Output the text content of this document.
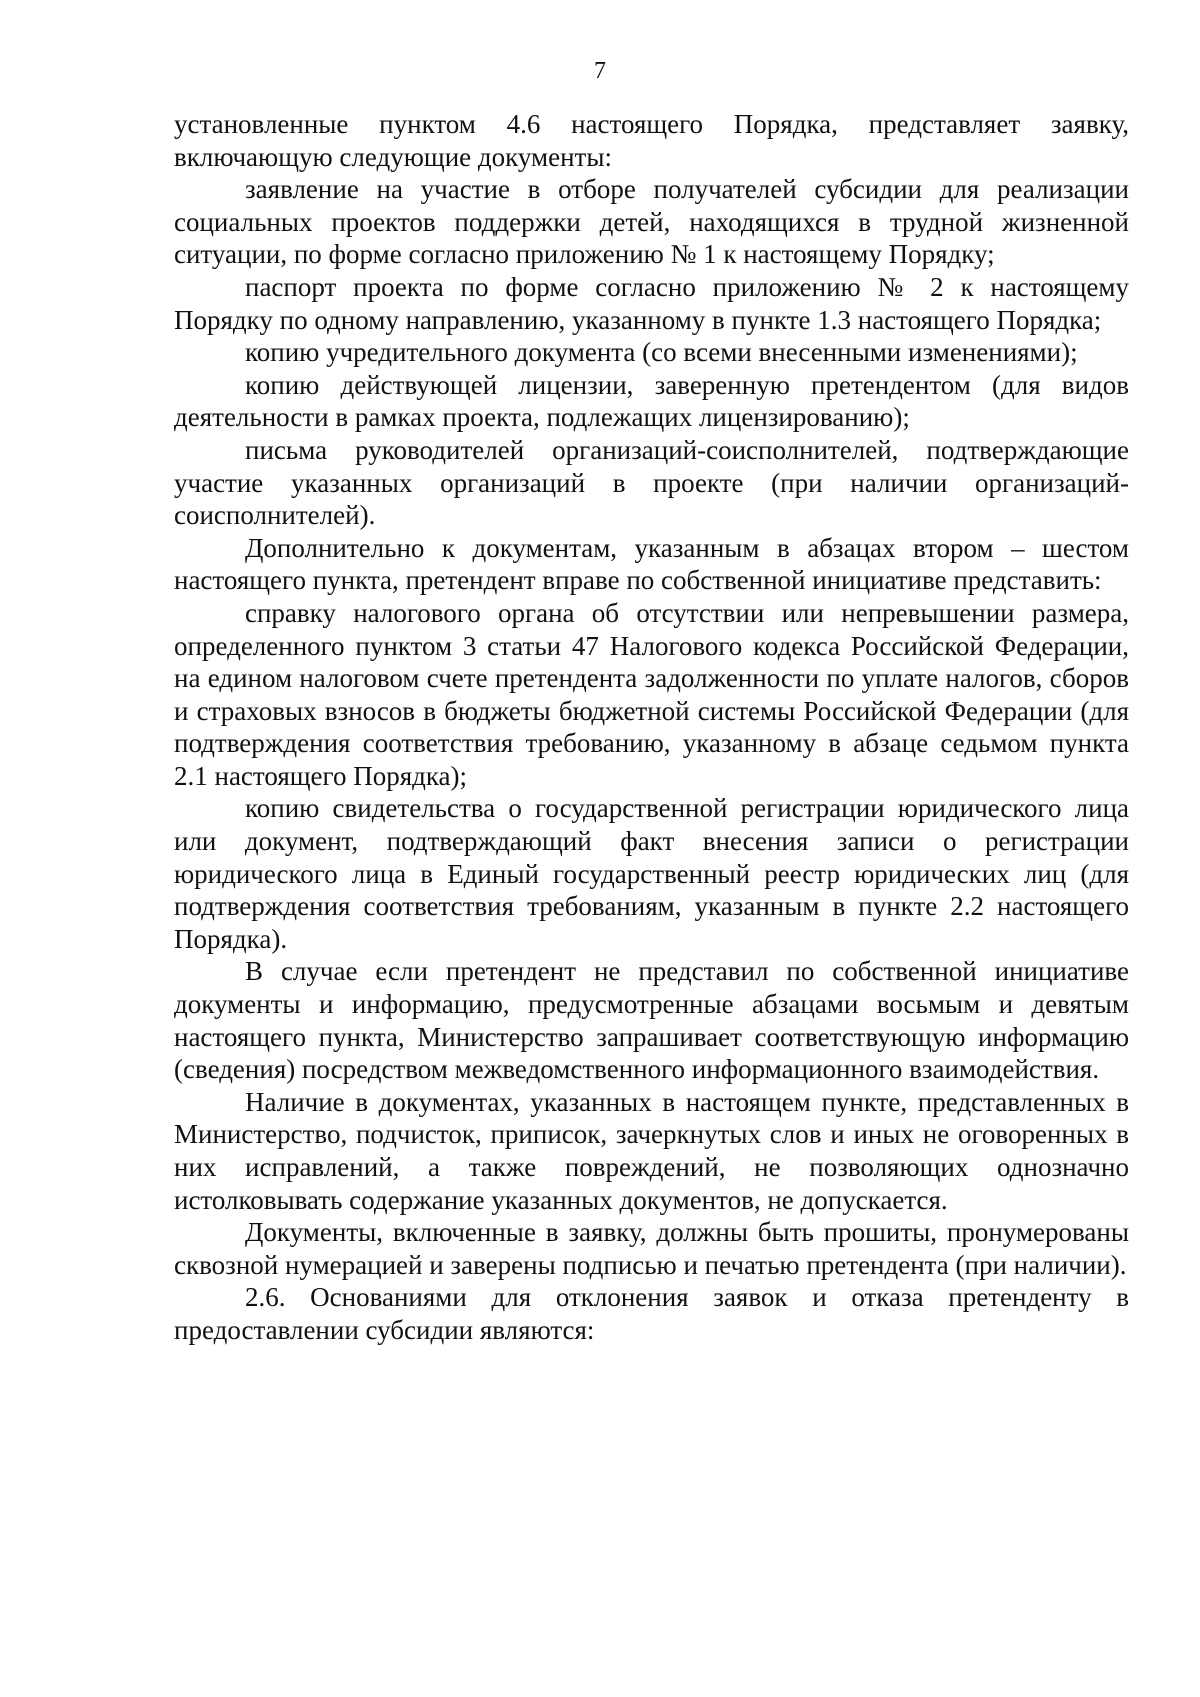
7

установленные пунктом 4.6 настоящего Порядка, представляет заявку, включающую следующие документы:

заявление на участие в отборе получателей субсидии для реализации социальных проектов поддержки детей, находящихся в трудной жизненной ситуации, по форме согласно приложению № 1 к настоящему Порядку;

паспорт проекта по форме согласно приложению № 2 к настоящему Порядку по одному направлению, указанному в пункте 1.3 настоящего Порядка;

копию учредительного документа (со всеми внесенными изменениями);

копию действующей лицензии, заверенную претендентом (для видов деятельности в рамках проекта, подлежащих лицензированию);

письма руководителей организаций-соисполнителей, подтверждающие участие указанных организаций в проекте (при наличии организаций-соисполнителей).

Дополнительно к документам, указанным в абзацах втором – шестом настоящего пункта, претендент вправе по собственной инициативе представить:

справку налогового органа об отсутствии или непревышении размера, определенного пунктом 3 статьи 47 Налогового кодекса Российской Федерации, на едином налоговом счете претендента задолженности по уплате налогов, сборов и страховых взносов в бюджеты бюджетной системы Российской Федерации (для подтверждения соответствия требованию, указанному в абзаце седьмом пункта 2.1 настоящего Порядка);

копию свидетельства о государственной регистрации юридического лица или документ, подтверждающий факт внесения записи о регистрации юридического лица в Единый государственный реестр юридических лиц (для подтверждения соответствия требованиям, указанным в пункте 2.2 настоящего Порядка).

В случае если претендент не представил по собственной инициативе документы и информацию, предусмотренные абзацами восьмым и девятым настоящего пункта, Министерство запрашивает соответствующую информацию (сведения) посредством межведомственного информационного взаимодействия.

Наличие в документах, указанных в настоящем пункте, представленных в Министерство, подчисток, приписок, зачеркнутых слов и иных не оговоренных в них исправлений, а также повреждений, не позволяющих однозначно истолковывать содержание указанных документов, не допускается.

Документы, включенные в заявку, должны быть прошиты, пронумерованы сквозной нумерацией и заверены подписью и печатью претендента (при наличии).

2.6. Основаниями для отклонения заявок и отказа претенденту в предоставлении субсидии являются:
